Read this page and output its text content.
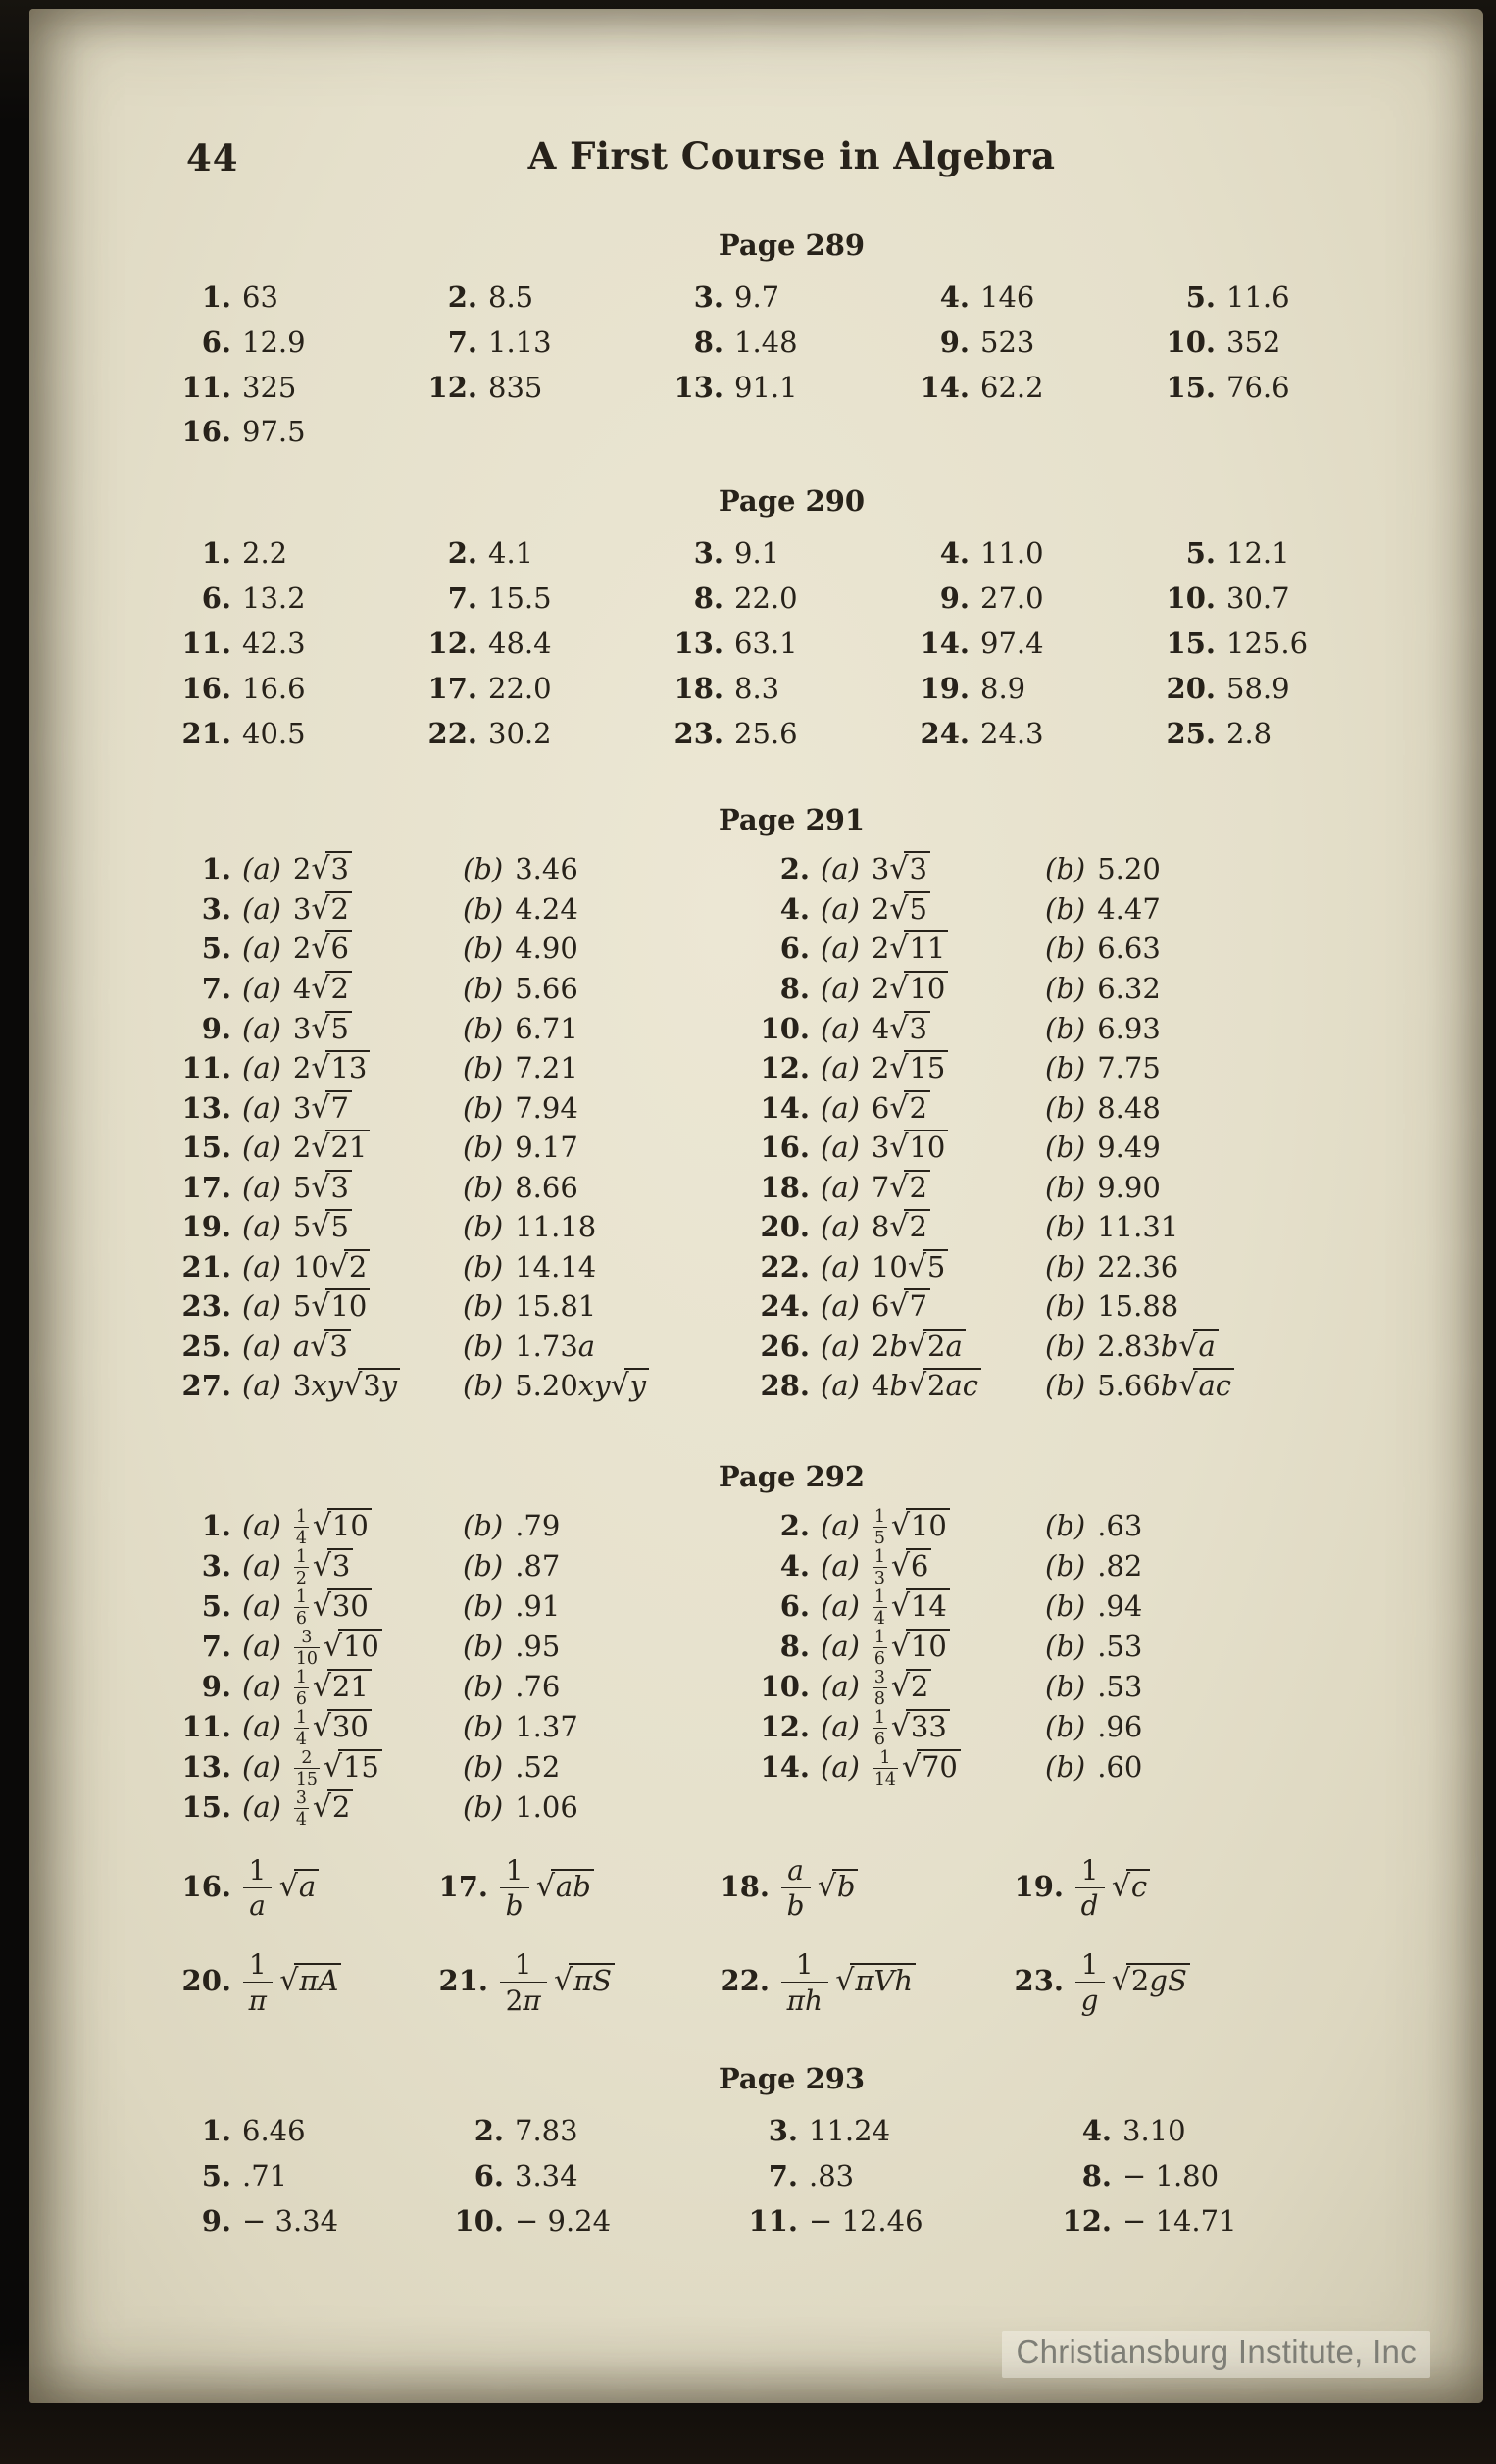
44	A First Course in Algebra
Page 289
1. 63	2. 8.5	3. 9.7	4. 146	5. 11.6
6. 12.9	7. 1.13	8. 1.48	9. 523	10. 352
11. 325	12. 835	13. 91.1	14. 62.2	15. 76.6
16. 97.5
Page 290
1. 2.2	2. 4.1	3. 9.1	4. 11.0	5. 12.1
6. 13.2	7. 15.5	8. 22.0	9. 27.0	10. 30.7
11. 42.3	12. 48.4	13. 63.1	14. 97.4	15. 125.6
16. 16.6	17. 22.0	18. 8.3	19. 8.9	20. 58.9
21. 40.5	22. 30.2	23. 25.6	24. 24.3	25. 2.8
Page 291
1. (a) 2√3	(b) 3.46	2. (a) 3√3	(b) 5.20
3. (a) 3√2	(b) 4.24	4. (a) 2√5	(b) 4.47
5. (a) 2√6	(b) 4.90	6. (a) 2√11	(b) 6.63
7. (a) 4√2	(b) 5.66	8. (a) 2√10	(b) 6.32
9. (a) 3√5	(b) 6.71	10. (a) 4√3	(b) 6.93
11. (a) 2√13	(b) 7.21	12. (a) 2√15	(b) 7.75
13. (a) 3√7	(b) 7.94	14. (a) 6√2	(b) 8.48
15. (a) 2√21	(b) 9.17	16. (a) 3√10	(b) 9.49
17. (a) 5√3	(b) 8.66	18. (a) 7√2	(b) 9.90
19. (a) 5√5	(b) 11.18	20. (a) 8√2	(b) 11.31
21. (a) 10√2	(b) 14.14	22. (a) 10√5	(b) 22.36
23. (a) 5√10	(b) 15.81	24. (a) 6√7	(b) 15.88
25. (a) a√3	(b) 1.73a	26. (a) 2b√2a	(b) 2.83b√a
27. (a) 3xy√3y	(b) 5.20xy√y	28. (a) 4b√2ac	(b) 5.66b√ac
Page 292
1. $(a) \frac{1}{4} √10$	(b) .79	2. $(a) \frac{1}{5} √10$	(b) .63
3. $(a) \frac{1}{2} √3$	(b) .87	4. $(a) \frac{1}{3} √6$	(b) .82
5. $(a) \frac{1}{6} √30$	(b) .91	6. $(a) \frac{1}{4} √14$	(b) .94
7. $(a) \frac{3}{10} √10$	(b) .95	8. $(a) \frac{1}{6} √10$	(b) .53
9. $(a) \frac{1}{6} √21$	(b) .76	10. $(a) \frac{3}{8} √2$	(b) .53
11. $(a) \frac{1}{4} √30$	(b) 1.37	12. $(a) \frac{1}{6} √33$	(b) .96
13. $(a) \frac{2}{15} √15$	(b) .52	14. $(a) \frac{1}{14} √70$	(b) .60
15. $(a) \frac{3}{4} √2$	(b) 1.06
16. $\frac{1}{a} √a$	17. $\frac{1}{b} √ab$	18. $\frac{a}{b} √b$	19. $\frac{1}{d} √c$
20. $\frac{1}{\pi} √\pi A$	21. $\frac{1}{2\pi} √\pi S$	22. $\frac{1}{\pi h} √\pi Vh$	23. $\frac{1}{g} √2gS$
Page 293
1. 6.46	2. 7.83	3. 11.24	4. 3.10
5. .71	6. 3.34	7. .83	8. − 1.80
9. − 3.34	10. − 9.24	11. − 12.46	12. − 14.71
Christiansburg Institute, Inc
